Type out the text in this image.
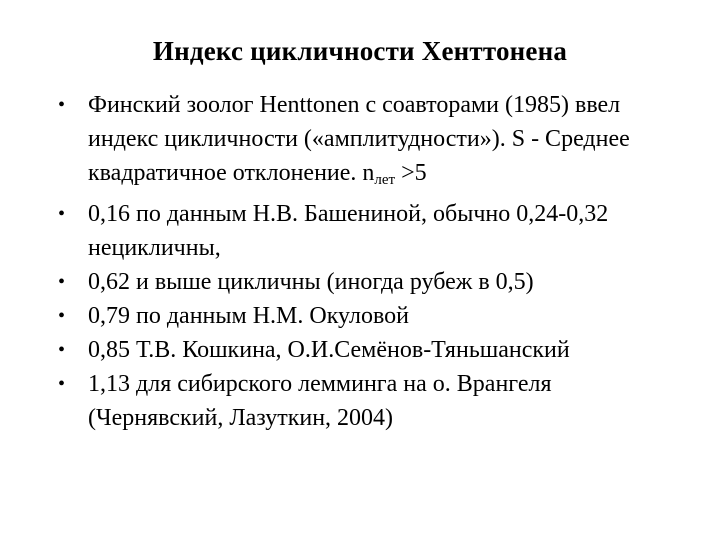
Индекс цикличности Хенттонена
• Финский зоолог Henttonen с соавторами (1985) ввел индекс цикличности («амплитудности»). S - Среднее квадратичное отклонение. $n_{лет} >5$
• 0,16 по данным Н.В. Башениной, обычно 0,24-0,32 нецикличны,
• 0,62 и выше цикличны (иногда рубеж в 0,5)
• 0,79 по данным Н.М. Окуловой
• 0,85 Т.В. Кошкина, О.И.Семёнов-Тяньшанский
• 1,13 для сибирского лемминга на о. Врангеля (Чернявский, Лазуткин, 2004)
